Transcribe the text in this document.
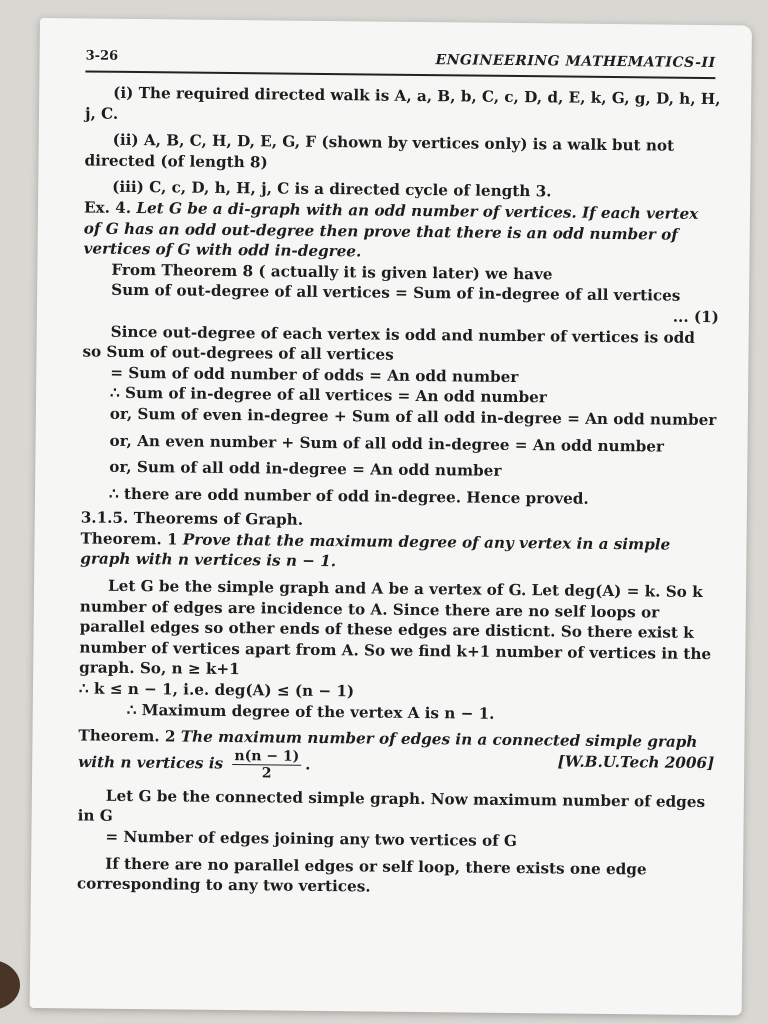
3-26	ENGINEERING MATHEMATICS-II

(i) The required directed walk is A, a, B, b, C, c, D, d, E, k, G, g, D, h, H, j, C.

(ii) A, B, C, H, D, E, G, F (shown by vertices only) is a walk but not directed (of length 8)

(iii) C, c, D, h, H, j, C is a directed cycle of length 3.

Ex. 4. Let G be a di-graph with an odd number of vertices. If each vertex of G has an odd out-degree then prove that there is an odd number of vertices of G with odd in-degree.

From Theorem 8 ( actually it is given later) we have

Sum of out-degree of all vertices = Sum of in-degree of all vertices

... (1)

Since out-degree of each vertex is odd and number of vertices is odd so Sum of out-degrees of all vertices

= Sum of odd number of odds = An odd number

∴ Sum of in-degree of all vertices = An odd number

or, Sum of even in-degree + Sum of all odd in-degree = An odd number

or, An even number + Sum of all odd in-degree = An odd number

or, Sum of all odd in-degree = An odd number

∴ there are odd number of odd in-degree. Hence proved.

3.1.5. Theorems of Graph.

Theorem. 1 Prove that the maximum degree of any vertex in a simple graph with n vertices is n − 1.

Let G be the simple graph and A be a vertex of G. Let deg(A) = k. So k number of edges are incidence to A. Since there are no self loops or parallel edges so other ends of these edges are disticnt. So there exist k number of vertices apart from A. So we find k+1 number of vertices in the graph. So, n ≥ k+1

∴ k ≤ n − 1, i.e. deg(A) ≤ (n − 1)

∴ Maximum degree of the vertex A is n − 1.

Theorem. 2 The maximum number of edges in a connected simple graph with n vertices is $\frac{n(n - 1)}{2}$ .	[W.B.U.Tech 2006]

Let G be the connected simple graph. Now maximum number of edges in G

= Number of edges joining any two vertices of G

If there are no parallel edges or self loop, there exists one edge corresponding to any two vertices.
